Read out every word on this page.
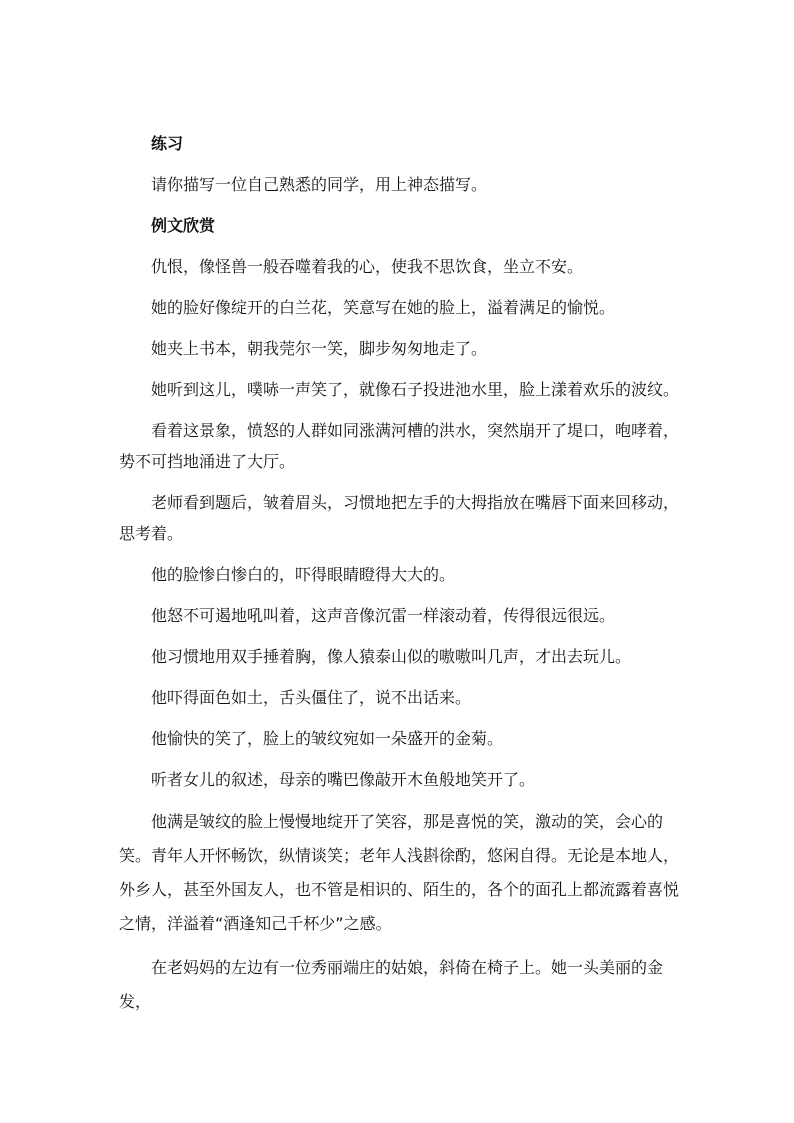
练习

请你描写一位自己熟悉的同学，用上神态描写。

例文欣赏

仇恨，像怪兽一般吞噬着我的心，使我不思饮食，坐立不安。

她的脸好像绽开的白兰花，笑意写在她的脸上，溢着满足的愉悦。

她夹上书本，朝我莞尔一笑，脚步匆匆地走了。

她听到这儿，噗哧一声笑了，就像石子投进池水里，脸上漾着欢乐的波纹。

看着这景象，愤怒的人群如同涨满河槽的洪水，突然崩开了堤口，咆哮着，势不可挡地涌进了大厅。

老师看到题后，皱着眉头，习惯地把左手的大拇指放在嘴唇下面来回移动，思考着。

他的脸惨白惨白的，吓得眼睛瞪得大大的。

他怒不可遏地吼叫着，这声音像沉雷一样滚动着，传得很远很远。

他习惯地用双手捶着胸，像人猿泰山似的嗷嗷叫几声，才出去玩儿。

他吓得面色如土，舌头僵住了，说不出话来。

他愉快的笑了，脸上的皱纹宛如一朵盛开的金菊。

听者女儿的叙述，母亲的嘴巴像敲开木鱼般地笑开了。

他满是皱纹的脸上慢慢地绽开了笑容，那是喜悦的笑，激动的笑，会心的笑。青年人开怀畅饮，纵情谈笑；老年人浅斟徐酌，悠闲自得。无论是本地人，外乡人，甚至外国友人，也不管是相识的、陌生的，各个的面孔上都流露着喜悦之情，洋溢着“酒逢知己千杯少”之感。

在老妈妈的左边有一位秀丽端庄的姑娘，斜倚在椅子上。她一头美丽的金发，
